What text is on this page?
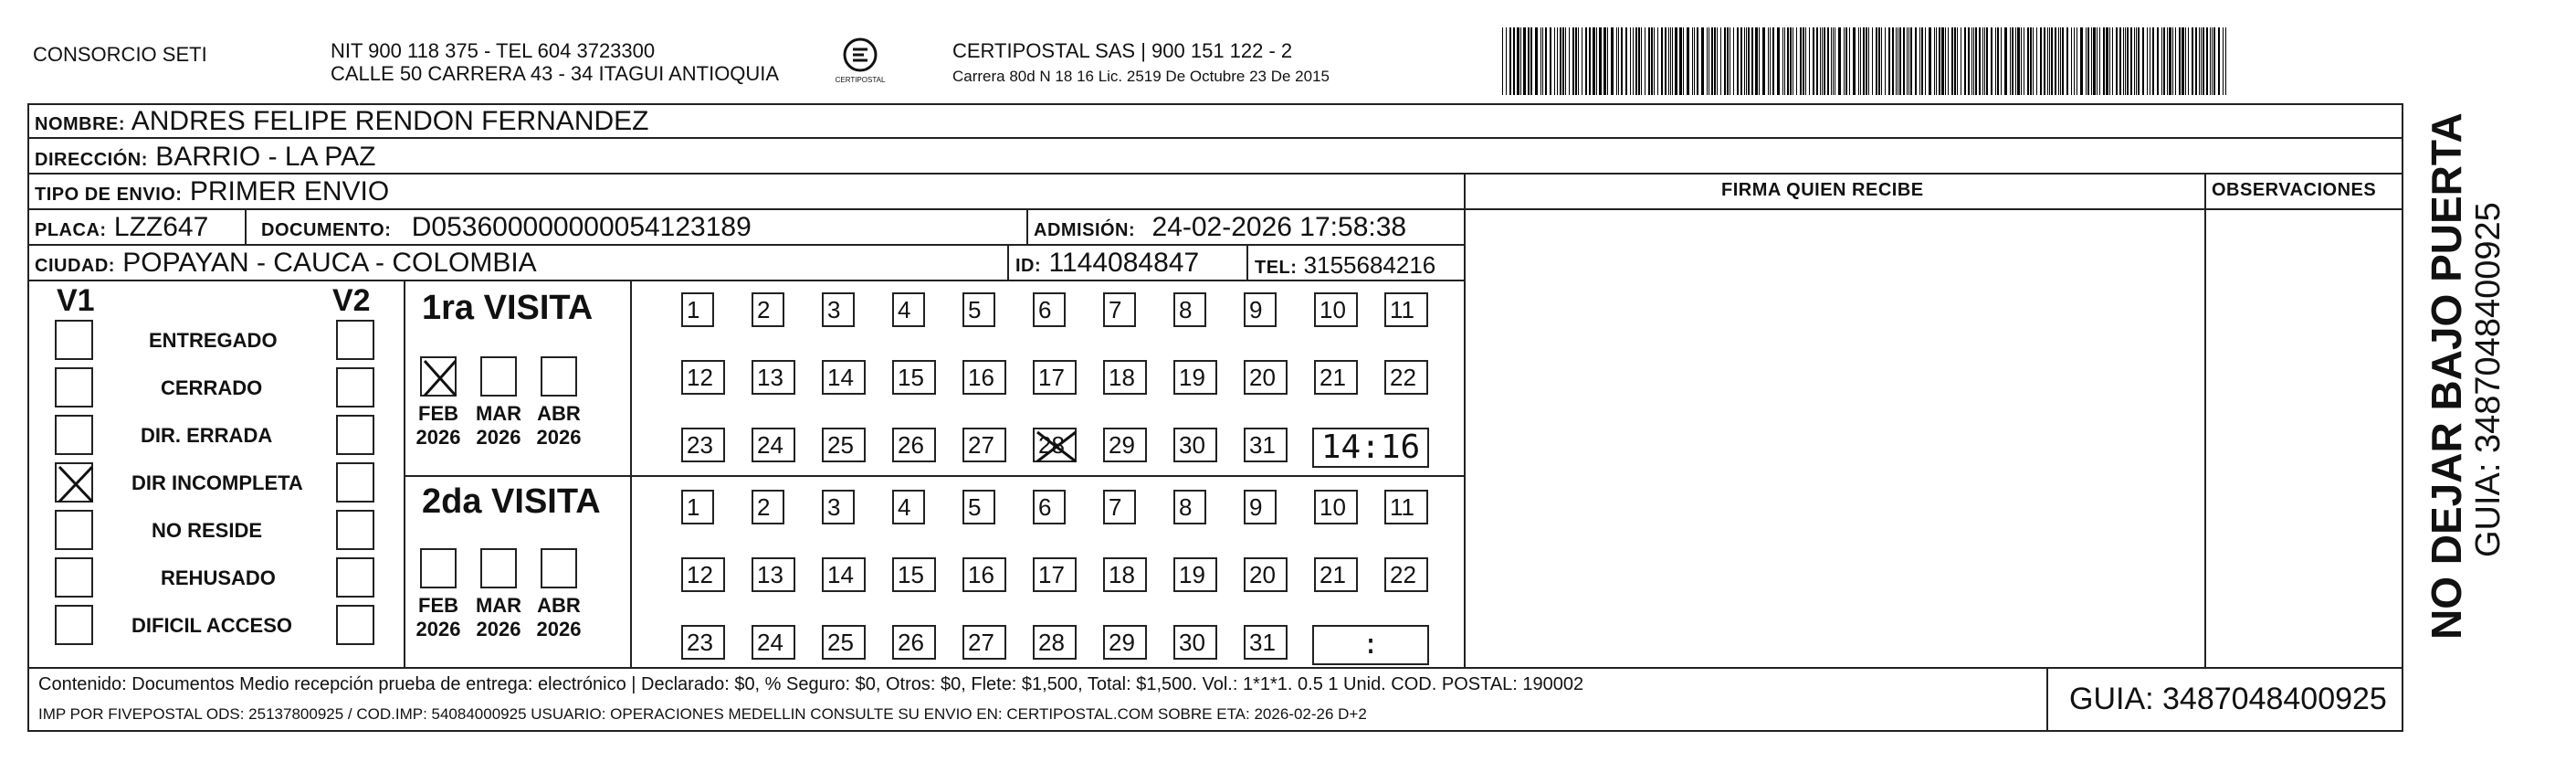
CONSORCIO SETI	NIT 900 118 375 - TEL 604 3723300
CALLE 50 CARRERA 43 - 34 ITAGUI ANTIOQUIA	CERTIPOSTAL
CERTIPOSTAL SAS | 900 151 122 - 2
Carrera 80d N 18 16 Lic. 2519 De Octubre 23 De 2015
NOMBRE: ANDRES FELIPE RENDON FERNANDEZ
DIRECCIÓN: BARRIO - LA PAZ
TIPO DE ENVIO: PRIMER ENVIO	FIRMA QUIEN RECIBE	OBSERVACIONES
PLACA: LZZ647	DOCUMENTO: D053600000000054123189	ADMISIÓN: 24-02-2026 17:58:38
CIUDAD: POPAYAN - CAUCA - COLOMBIA	ID: 1144084847	TEL: 3155684216
V1	V2
ENTREGADO
CERRADO
DIR. ERRADA
DIR INCOMPLETA
NO RESIDE
REHUSADO
DIFICIL ACCESO
1ra VISITA
FEB
2026
MAR
2026
ABR
2026
1	2	3	4	5	6	7	8	9	10	11
12	13	14	15	16	17	18	19	20	21	22
23	24	25	26	27	28	29	30	31	14:16
2da VISITA
FEB
2026
MAR
2026
ABR
2026
1	2	3	4	5	6	7	8	9	10	11
12	13	14	15	16	17	18	19	20	21	22
23	24	25	26	27	28	29	30	31	:
Contenido: Documentos Medio recepción prueba de entrega: electrónico | Declarado: $0, % Seguro: $0, Otros: $0, Flete: $1,500, Total: $1,500. Vol.: 1*1*1. 0.5 1 Unid. COD. POSTAL: 190002
IMP POR FIVEPOSTAL ODS: 25137800925 / COD.IMP: 54084000925 USUARIO: OPERACIONES MEDELLIN CONSULTE SU ENVIO EN: CERTIPOSTAL.COM SOBRE ETA: 2026-02-26 D+2	GUIA: 3487048400925
NO DEJAR BAJO PUERTA GUIA: 3487048400925
